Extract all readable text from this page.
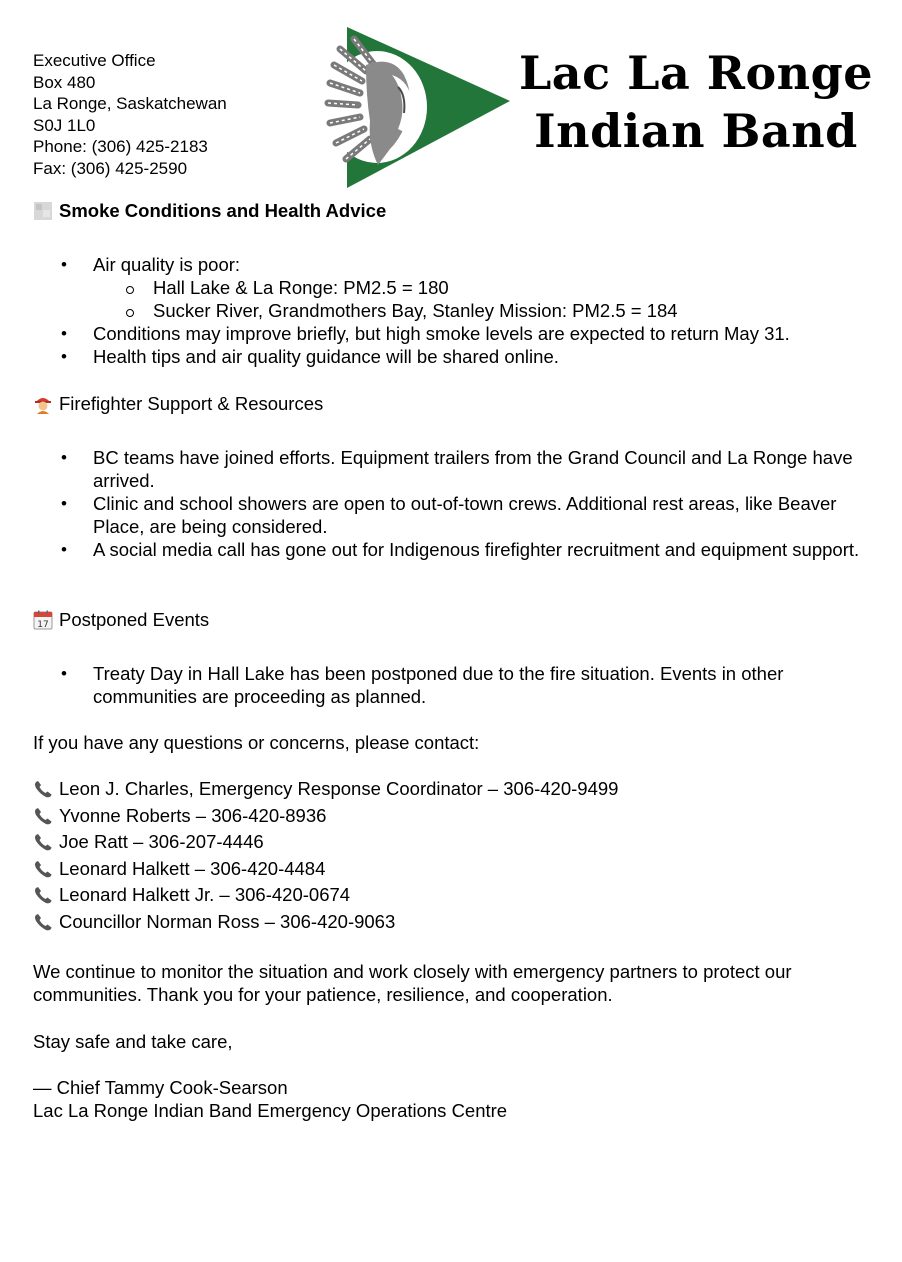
Executive Office
Box 480
La Ronge, Saskatchewan
S0J 1L0
Phone: (306) 425-2183
Fax: (306) 425-2590
Lac La Ronge
Indian Band
Smoke Conditions and Health Advice
• Air quality is poor:
Hall Lake & La Ronge: PM2.5 = 180
Sucker River, Grandmothers Bay, Stanley Mission: PM2.5 = 184
• Conditions may improve briefly, but high smoke levels are expected to return May 31.
• Health tips and air quality guidance will be shared online.
Firefighter Support & Resources
• BC teams have joined efforts. Equipment trailers from the Grand Council and La Ronge have arrived.
• Clinic and school showers are open to out-of-town crews. Additional rest areas, like Beaver Place, are being considered.
• A social media call has gone out for Indigenous firefighter recruitment and equipment support.
17 Postponed Events
• Treaty Day in Hall Lake has been postponed due to the fire situation. Events in other communities are proceeding as planned.
If you have any questions or concerns, please contact:
Leon J. Charles, Emergency Response Coordinator – 306-420-9499
Yvonne Roberts – 306-420-8936
Joe Ratt – 306-207-4446
Leonard Halkett – 306-420-4484
Leonard Halkett Jr. – 306-420-0674
Councillor Norman Ross – 306-420-9063
We continue to monitor the situation and work closely with emergency partners to protect our communities. Thank you for your patience, resilience, and cooperation.
Stay safe and take care,
— Chief Tammy Cook-Searson
Lac La Ronge Indian Band Emergency Operations Centre
